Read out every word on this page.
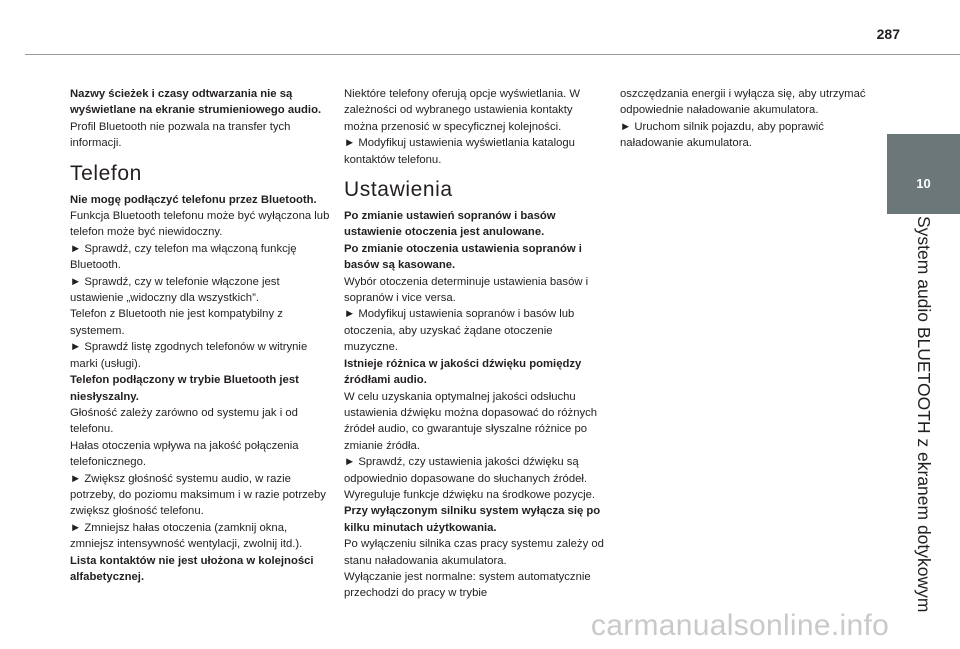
287
10
System audio BLUETOOTH z ekranem dotykowym

Nazwy ścieżek i czasy odtwarzania nie są wyświetlane na ekranie strumieniowego audio.

Profil Bluetooth nie pozwala na transfer tych informacji.

Telefon

Nie mogę podłączyć telefonu przez Bluetooth.

Funkcja Bluetooth telefonu może być wyłączona lub telefon może być niewidoczny.

► Sprawdź, czy telefon ma włączoną funkcję Bluetooth.

► Sprawdź, czy w telefonie włączone jest ustawienie „widoczny dla wszystkich”.

Telefon z Bluetooth nie jest kompatybilny z systemem.

► Sprawdź listę zgodnych telefonów w witrynie marki (usługi).

Telefon podłączony w trybie Bluetooth jest niesłyszalny.

Głośność zależy zarówno od systemu jak i od telefonu.

Hałas otoczenia wpływa na jakość połączenia telefonicznego.

► Zwiększ głośność systemu audio, w razie potrzeby, do poziomu maksimum i w razie potrzeby zwiększ głośność telefonu.

► Zmniejsz hałas otoczenia (zamknij okna, zmniejsz intensywność wentylacji, zwolnij itd.).

Lista kontaktów nie jest ułożona w kolejności alfabetycznej.

Niektóre telefony oferują opcje wyświetlania. W zależności od wybranego ustawienia kontakty można przenosić w specyficznej kolejności.

► Modyfikuj ustawienia wyświetlania katalogu kontaktów telefonu.

Ustawienia

Po zmianie ustawień sopranów i basów ustawienie otoczenia jest anulowane.

Po zmianie otoczenia ustawienia sopranów i basów są kasowane.

Wybór otoczenia determinuje ustawienia basów i sopranów i vice versa.

► Modyfikuj ustawienia sopranów i basów lub otoczenia, aby uzyskać żądane otoczenie muzyczne.

Istnieje różnica w jakości dźwięku pomiędzy źródłami audio.

W celu uzyskania optymalnej jakości odsłuchu ustawienia dźwięku można dopasować do różnych źródeł audio, co gwarantuje słyszalne różnice po zmianie źródła.

► Sprawdź, czy ustawienia jakości dźwięku są odpowiednio dopasowane do słuchanych źródeł. Wyreguluje funkcje dźwięku na środkowe pozycje.

Przy wyłączonym silniku system wyłącza się po kilku minutach użytkowania.

Po wyłączeniu silnika czas pracy systemu zależy od stanu naładowania akumulatora.

Wyłączanie jest normalne: system automatycznie przechodzi do pracy w trybie

oszczędzania energii i wyłącza się, aby utrzymać odpowiednie naładowanie akumulatora.

► Uruchom silnik pojazdu, aby poprawić naładowanie akumulatora.

carmanualsonline.info
